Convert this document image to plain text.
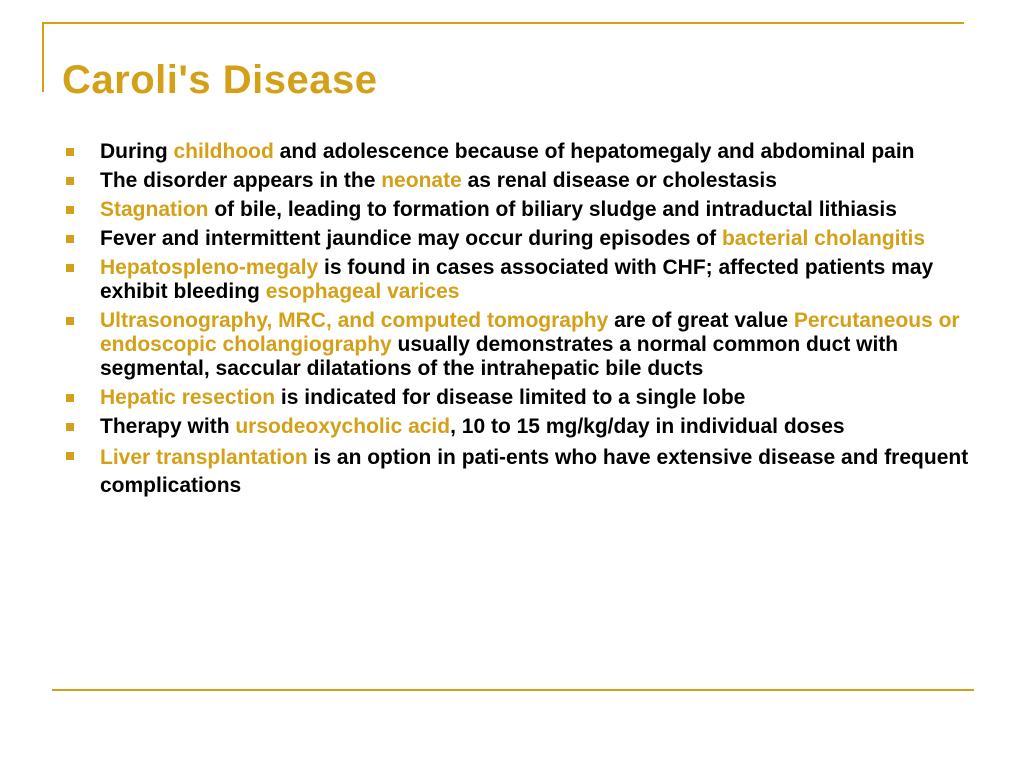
Caroli's Disease
During childhood and adolescence because of hepatomegaly and abdominal pain
The disorder appears in the neonate as renal disease or cholestasis
Stagnation of bile, leading to formation of biliary sludge and intraductal lithiasis
Fever and intermittent jaundice may occur during episodes of bacterial cholangitis
Hepatospleno-megaly is found in cases associated with CHF; affected patients may exhibit bleeding esophageal varices
Ultrasonography, MRC, and computed tomography are of great value Percutaneous or endoscopic cholangiography usually demonstrates a normal common duct with segmental, saccular dilatations of the intrahepatic bile ducts
Hepatic resection is indicated for disease limited to a single lobe
Therapy with ursodeoxycholic acid, 10 to 15 mg/kg/day in individual doses
Liver transplantation is an option in pati-ents who have extensive disease and frequent complications
